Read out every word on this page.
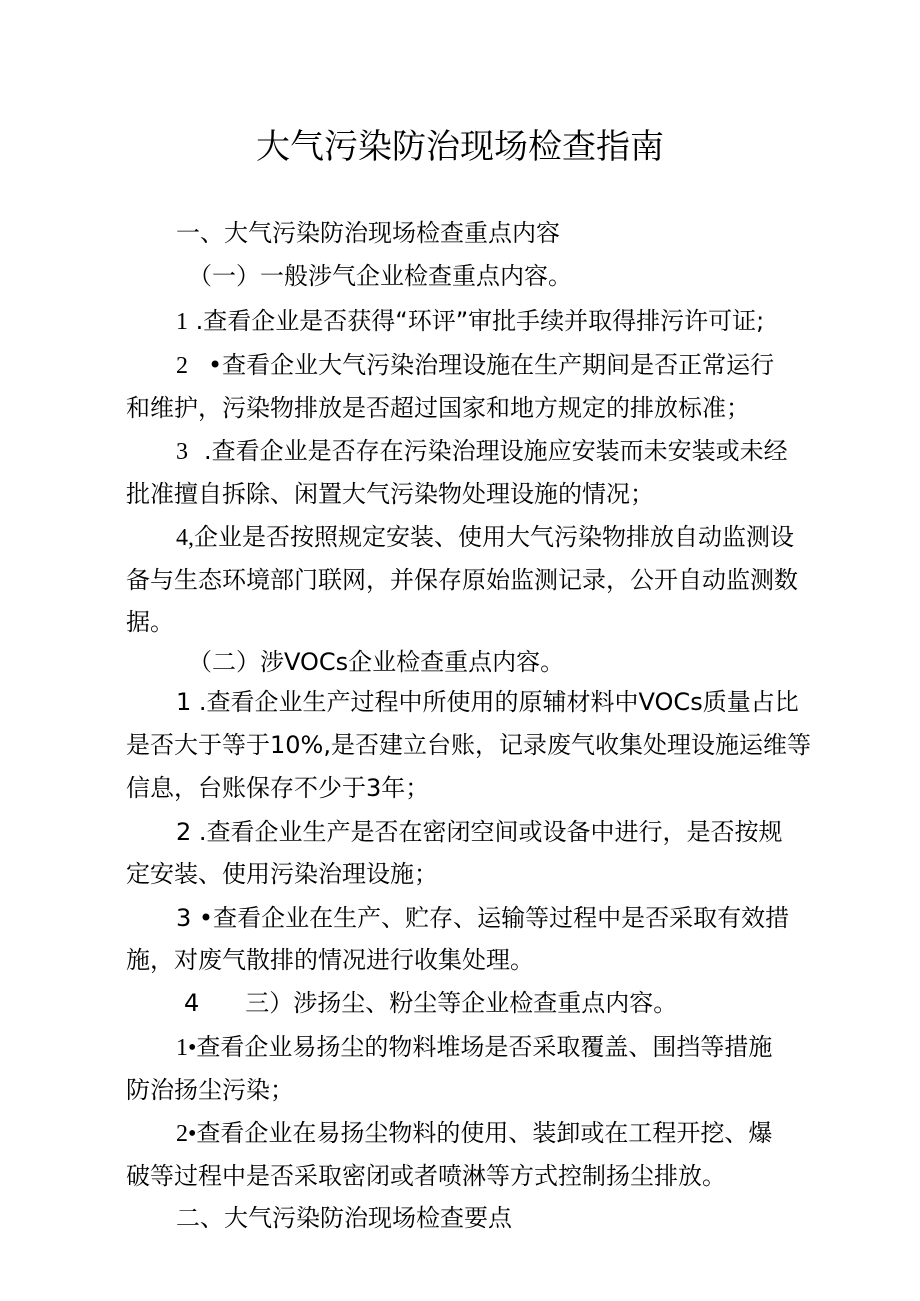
大气污染防治现场检查指南
一、大气污染防治现场检查重点内容
（一）一般涉气企业检查重点内容。
1 .查看企业是否获得“环评”审批手续并取得排污许可证;
2 •查看企业大气污染治理设施在生产期间是否正常运行
和维护，污染物排放是否超过国家和地方规定的排放标准；
3 .查看企业是否存在污染治理设施应安装而未安装或未经
批准擅自拆除、闲置大气污染物处理设施的情况；
4,企业是否按照规定安装、使用大气污染物排放自动监测设
备与生态环境部门联网，并保存原始监测记录，公开自动监测数
据。
（二）涉VOCs企业检查重点内容。
1 .查看企业生产过程中所使用的原辅材料中VOCs质量占比
是否大于等于10%,是否建立台账，记录废气收集处理设施运维等
信息，台账保存不少于3年；
2 .查看企业生产是否在密闭空间或设备中进行，是否按规
定安装、使用污染治理设施；
3 •查看企业在生产、贮存、运输等过程中是否采取有效措
施，对废气散排的情况进行收集处理。
4 三）涉扬尘、粉尘等企业检查重点内容。
1•查看企业易扬尘的物料堆场是否采取覆盖、围挡等措施
防治扬尘污染；
2•查看企业在易扬尘物料的使用、装卸或在工程开挖、爆
破等过程中是否采取密闭或者喷淋等方式控制扬尘排放。
二、大气污染防治现场检查要点
